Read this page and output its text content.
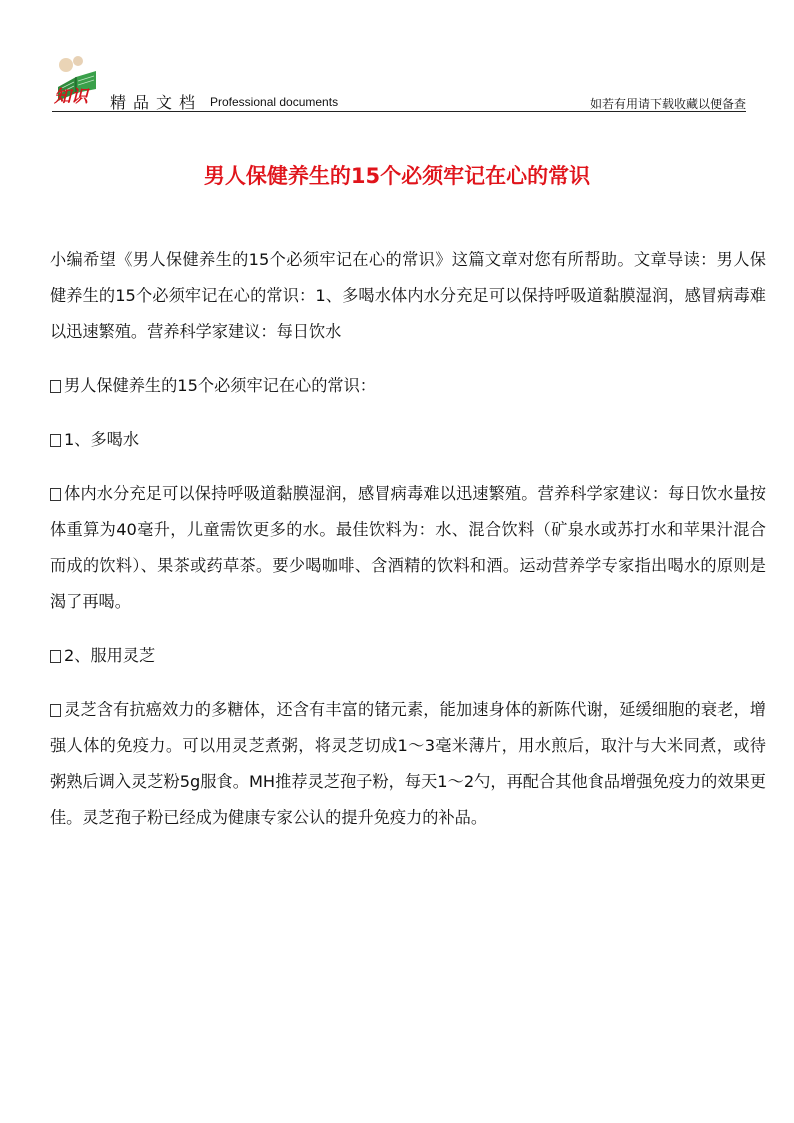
知识 精品文档 Professional documents	如若有用请下载收藏以便备查
男人保健养生的15个必须牢记在心的常识

小编希望《男人保健养生的15个必须牢记在心的常识》这篇文章对您有所帮助。文章导读：男人保健养生的15个必须牢记在心的常识：1、多喝水体内水分充足可以保持呼吸道黏膜湿润，感冒病毒难以迅速繁殖。营养科学家建议：每日饮水

男人保健养生的15个必须牢记在心的常识：

1、多喝水

体内水分充足可以保持呼吸道黏膜湿润，感冒病毒难以迅速繁殖。营养科学家建议：每日饮水量按体重算为40毫升，儿童需饮更多的水。最佳饮料为：水、混合饮料（矿泉水或苏打水和苹果汁混合而成的饮料）、果茶或药草茶。要少喝咖啡、含酒精的饮料和酒。运动营养学专家指出喝水的原则是渴了再喝。

2、服用灵芝

灵芝含有抗癌效力的多糖体，还含有丰富的锗元素，能加速身体的新陈代谢，延缓细胞的衰老，增强人体的免疫力。可以用灵芝煮粥，将灵芝切成1～3毫米薄片，用水煎后，取汁与大米同煮，或待粥熟后调入灵芝粉5g服食。MH推荐灵芝孢子粉，每天1～2勺，再配合其他食品增强免疫力的效果更佳。灵芝孢子粉已经成为健康专家公认的提升免疫力的补品。
